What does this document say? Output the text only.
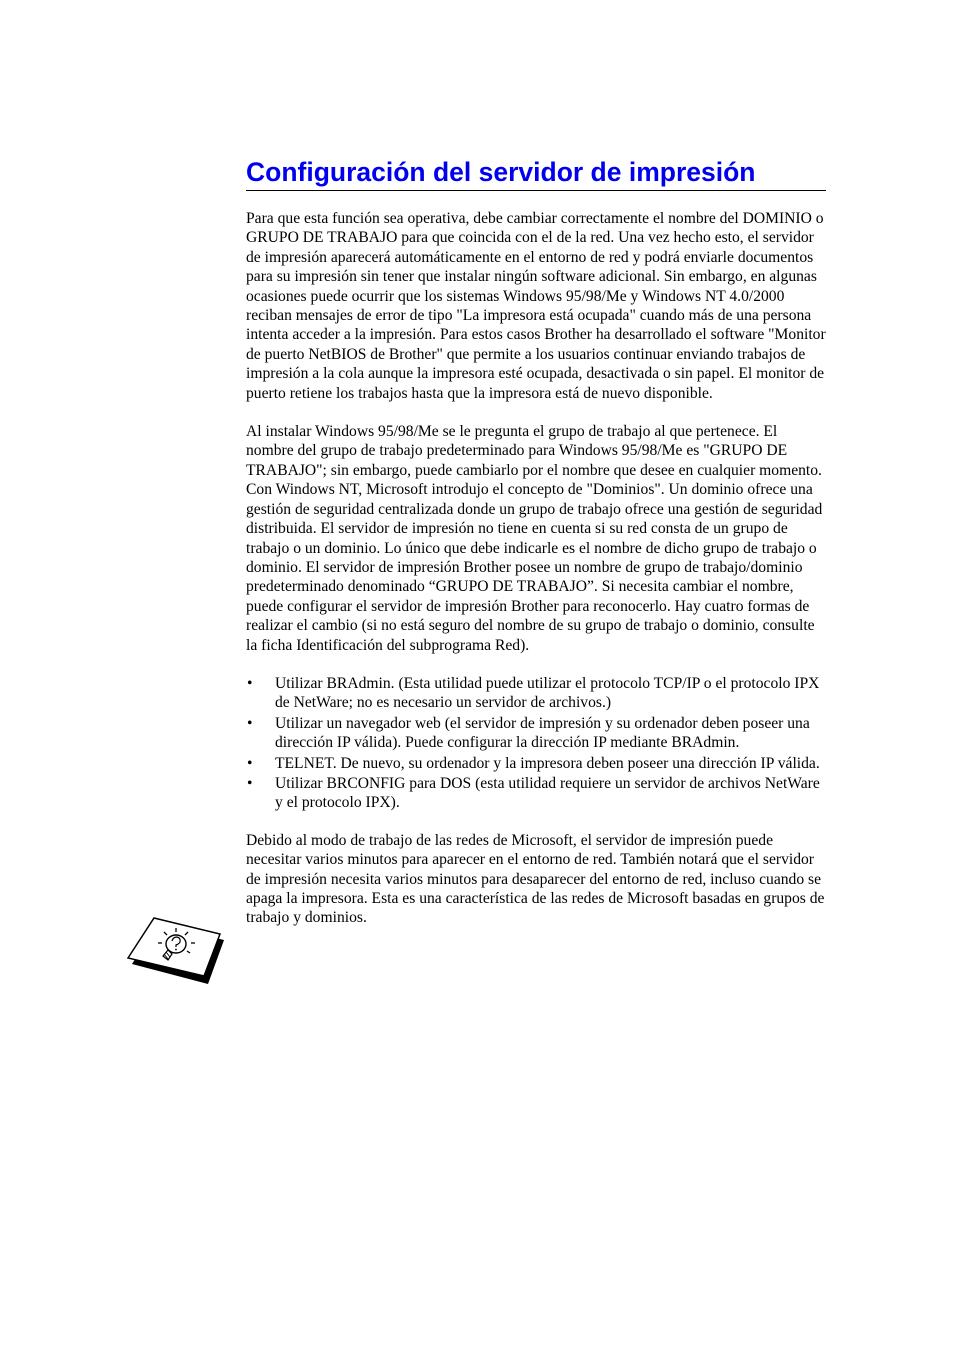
Configuración del servidor de impresión

Para que esta función sea operativa, debe cambiar correctamente el nombre del DOMINIO o GRUPO DE TRABAJO para que coincida con el de la red. Una vez hecho esto, el servidor de impresión aparecerá automáticamente en el entorno de red y podrá enviarle documentos para su impresión sin tener que instalar ningún software adicional. Sin embargo, en algunas ocasiones puede ocurrir que los sistemas Windows 95/98/Me y Windows NT 4.0/2000 reciban mensajes de error de tipo "La impresora está ocupada" cuando más de una persona intenta acceder a la impresión. Para estos casos Brother ha desarrollado el software "Monitor de puerto NetBIOS de Brother" que permite a los usuarios continuar enviando trabajos de impresión a la cola aunque la impresora esté ocupada, desactivada o sin papel. El monitor de puerto retiene los trabajos hasta que la impresora está de nuevo disponible.

Al instalar Windows 95/98/Me se le pregunta el grupo de trabajo al que pertenece. El nombre del grupo de trabajo predeterminado para Windows 95/98/Me es "GRUPO DE TRABAJO"; sin embargo, puede cambiarlo por el nombre que desee en cualquier momento. Con Windows NT, Microsoft introdujo el concepto de "Dominios". Un dominio ofrece una gestión de seguridad centralizada donde un grupo de trabajo ofrece una gestión de seguridad distribuida. El servidor de impresión no tiene en cuenta si su red consta de un grupo de trabajo o un dominio. Lo único que debe indicarle es el nombre de dicho grupo de trabajo o dominio. El servidor de impresión Brother posee un nombre de grupo de trabajo/dominio predeterminado denominado “GRUPO DE TRABAJO”. Si necesita cambiar el nombre, puede configurar el servidor de impresión Brother para reconocerlo. Hay cuatro formas de realizar el cambio (si no está seguro del nombre de su grupo de trabajo o dominio, consulte la ficha Identificación del subprograma Red).

• Utilizar BRAdmin. (Esta utilidad puede utilizar el protocolo TCP/IP o el protocolo IPX de NetWare; no es necesario un servidor de archivos.)
• Utilizar un navegador web (el servidor de impresión y su ordenador deben poseer una dirección IP válida). Puede configurar la dirección IP mediante BRAdmin.
• TELNET. De nuevo, su ordenador y la impresora deben poseer una dirección IP válida.
• Utilizar BRCONFIG para DOS (esta utilidad requiere un servidor de archivos NetWare y el protocolo IPX).

Debido al modo de trabajo de las redes de Microsoft, el servidor de impresión puede necesitar varios minutos para aparecer en el entorno de red. También notará que el servidor de impresión necesita varios minutos para desaparecer del entorno de red, incluso cuando se apaga la impresora. Esta es una característica de las redes de Microsoft basadas en grupos de trabajo y dominios.
